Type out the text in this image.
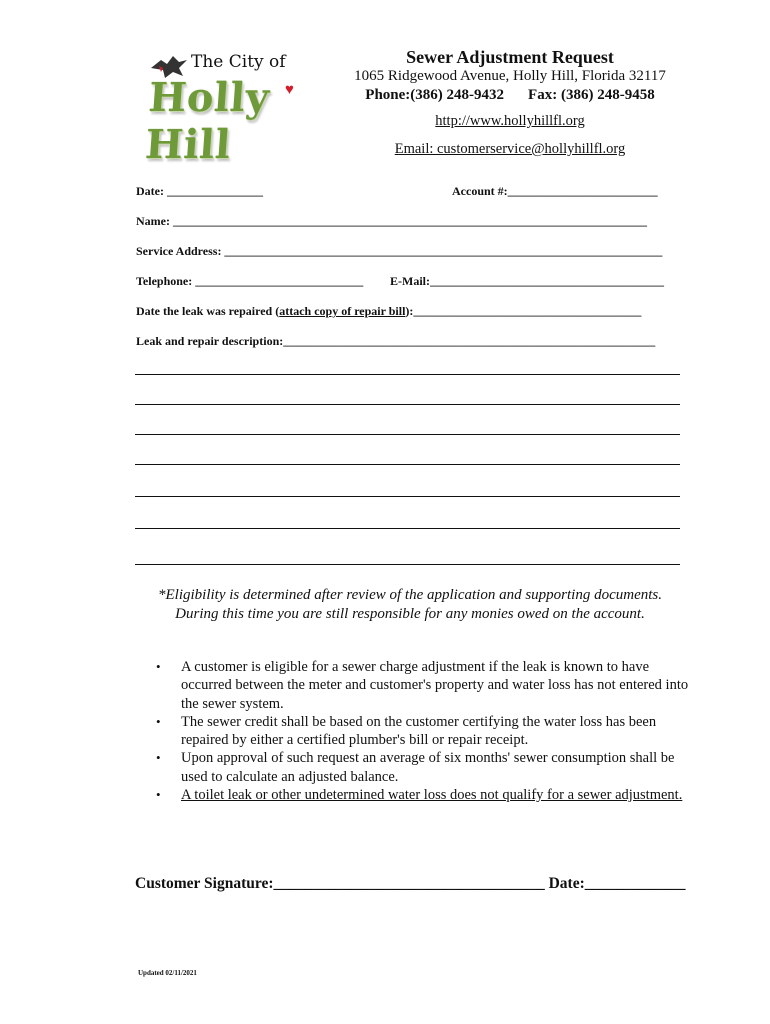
The City of
Holly Hill
♥
Sewer Adjustment Request
1065 Ridgewood Avenue, Holly Hill, Florida 32117
Phone:(386) 248-9432 Fax: (386) 248-9458
http://www.hollyhillfl.org
Email: customerservice@hollyhillfl.org
Date: ________________	Account #:_________________________
Name: _______________________________________________________________________________
Service Address: _________________________________________________________________________
Telephone: ____________________________ E-Mail:_______________________________________
Date the leak was repaired (attach copy of repair bill):______________________________________
Leak and repair description:______________________________________________________________
*Eligibility is determined after review of the application and supporting documents.
During this time you are still responsible for any monies owed on the account.
• A customer is eligible for a sewer charge adjustment if the leak is known to have occurred between the meter and customer's property and water loss has not entered into the sewer system.
• The sewer credit shall be based on the customer certifying the water loss has been repaired by either a certified plumber's bill or repair receipt.
• Upon approval of such request an average of six months' sewer consumption shall be used to calculate an adjusted balance.
• A toilet leak or other undetermined water loss does not qualify for a sewer adjustment.
Customer Signature:___________________________________ Date:_____________
Updated 02/11/2021
